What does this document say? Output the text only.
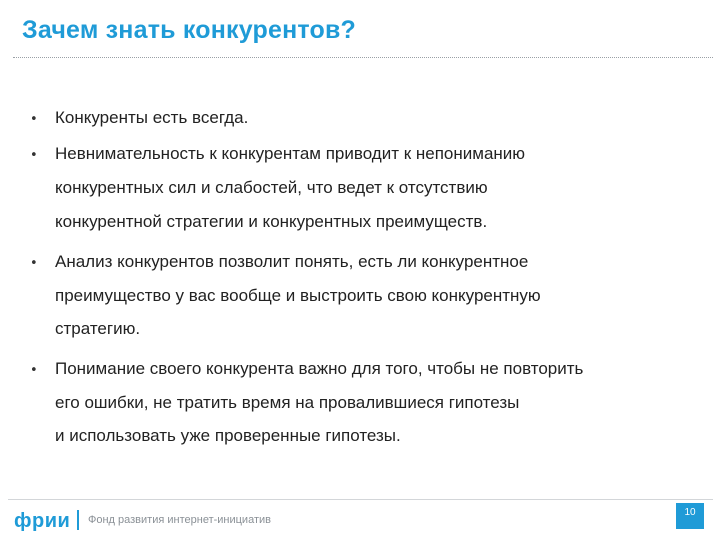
Зачем знать конкурентов?
• Конкуренты есть всегда.
• Невнимательность к конкурентам приводит к непониманию
конкурентных сил и слабостей, что ведет к отсутствию
конкурентной стратегии и конкурентных преимуществ.
• Анализ конкурентов позволит понять, есть ли конкурентное
преимущество у вас вообще и выстроить свою конкурентную
стратегию.
• Понимание своего конкурента важно для того, чтобы не повторить
его ошибки, не тратить время на провалившиеся гипотезы
и использовать уже проверенные гипотезы.
фрии Фонд развития интернет-инициатив
10
